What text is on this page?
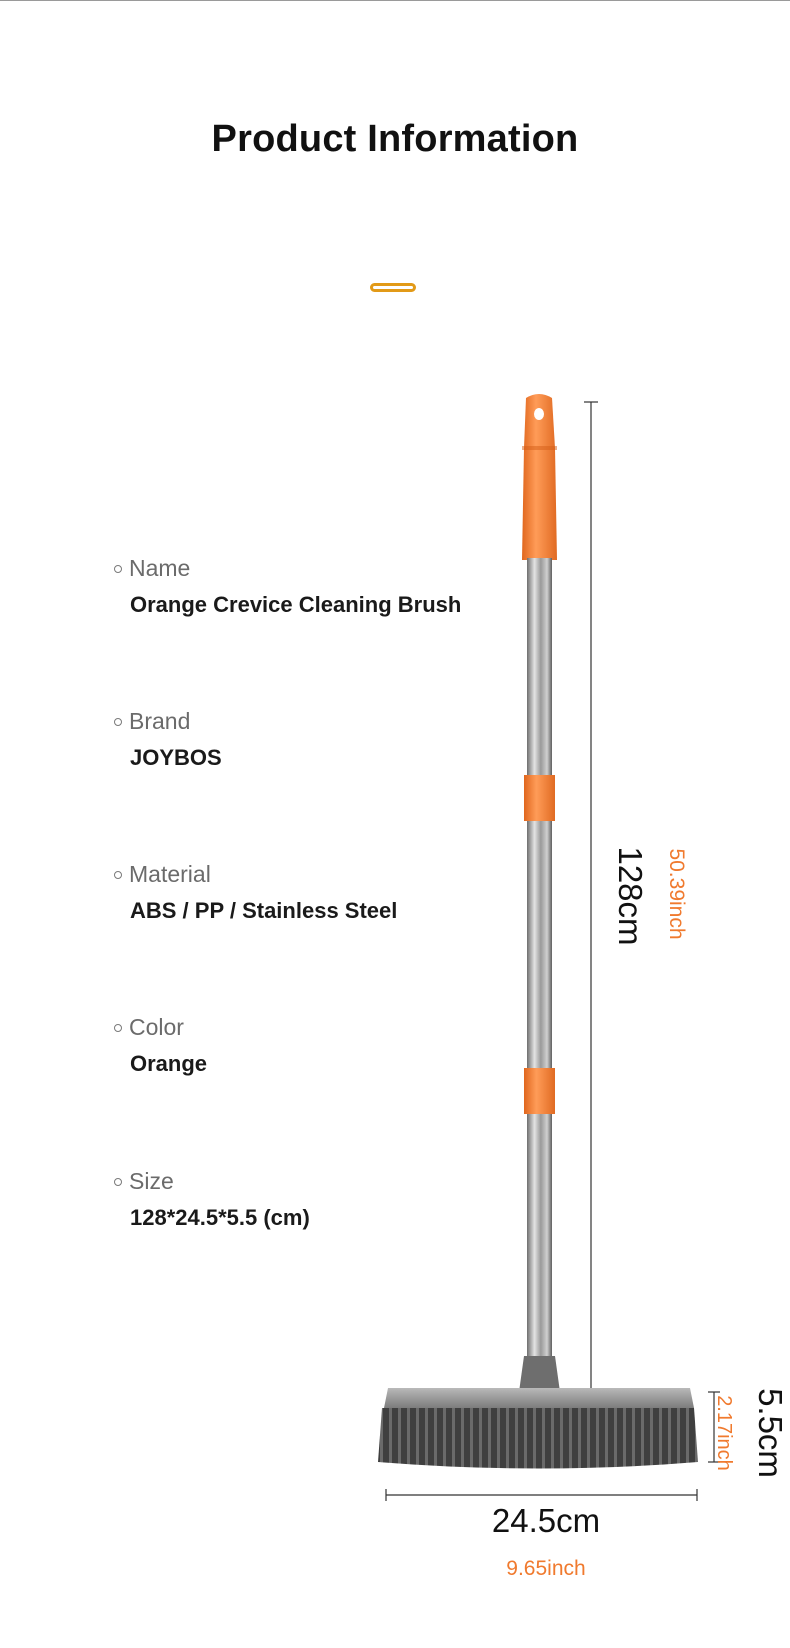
Product Information
Name
Orange Crevice Cleaning Brush
Brand
JOYBOS
Material
ABS / PP / Stainless Steel
Color
Orange
Size
128*24.5*5.5 (cm)
128cm 50.39inch
5.5cm
2.17inch
24.5cm
9.65inch
